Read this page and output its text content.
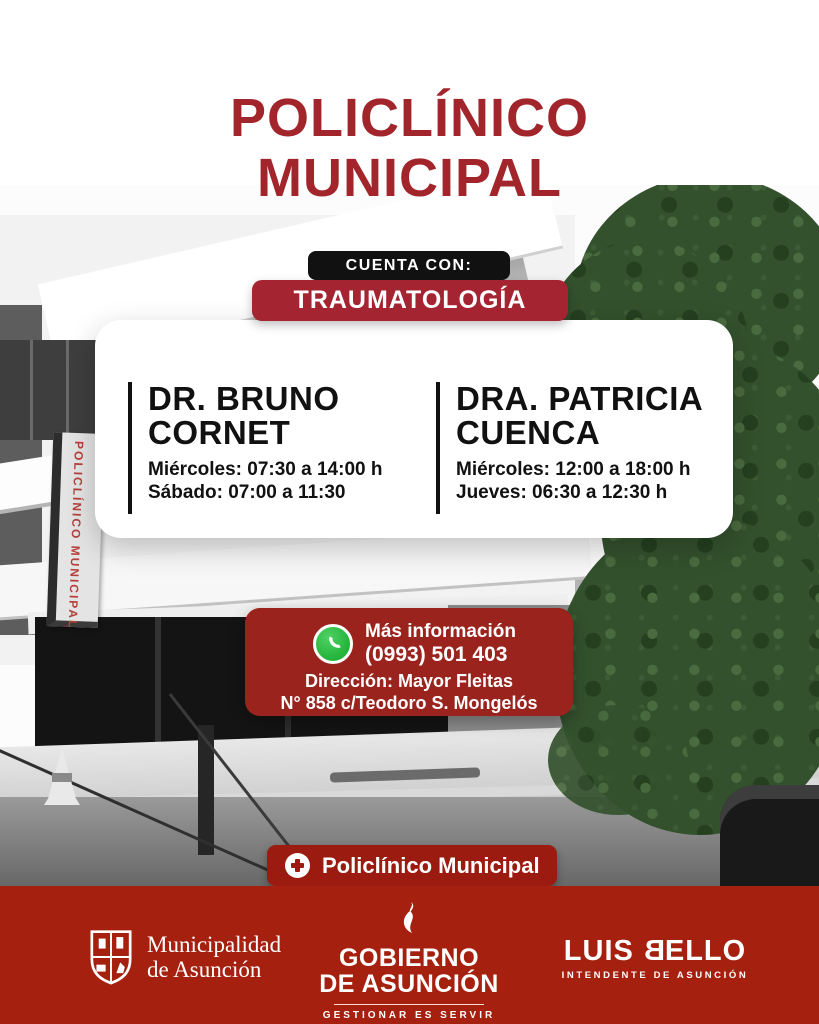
POLICLÍNICO MUNICIPAL
POLICLÍNICO
MUNICIPAL
CUENTA CON:
TRAUMATOLOGÍA
DR. BRUNO
CORNET
Miércoles: 07:30 a 14:00 h
Sábado: 07:00 a 11:30
DRA. PATRICIA
CUENCA
Miércoles: 12:00 a 18:00 h
Jueves: 06:30 a 12:30 h
Más información
(0993) 501 403
Dirección: Mayor Fleitas
N° 858 c/Teodoro S. Mongelós
Policlínico Municipal
Municipalidad
de Asunción	GOBIERNO
DE ASUNCIÓN
GESTIONAR ES SERVIR
LUIS BELLO
INTENDENTE DE ASUNCIÓN
